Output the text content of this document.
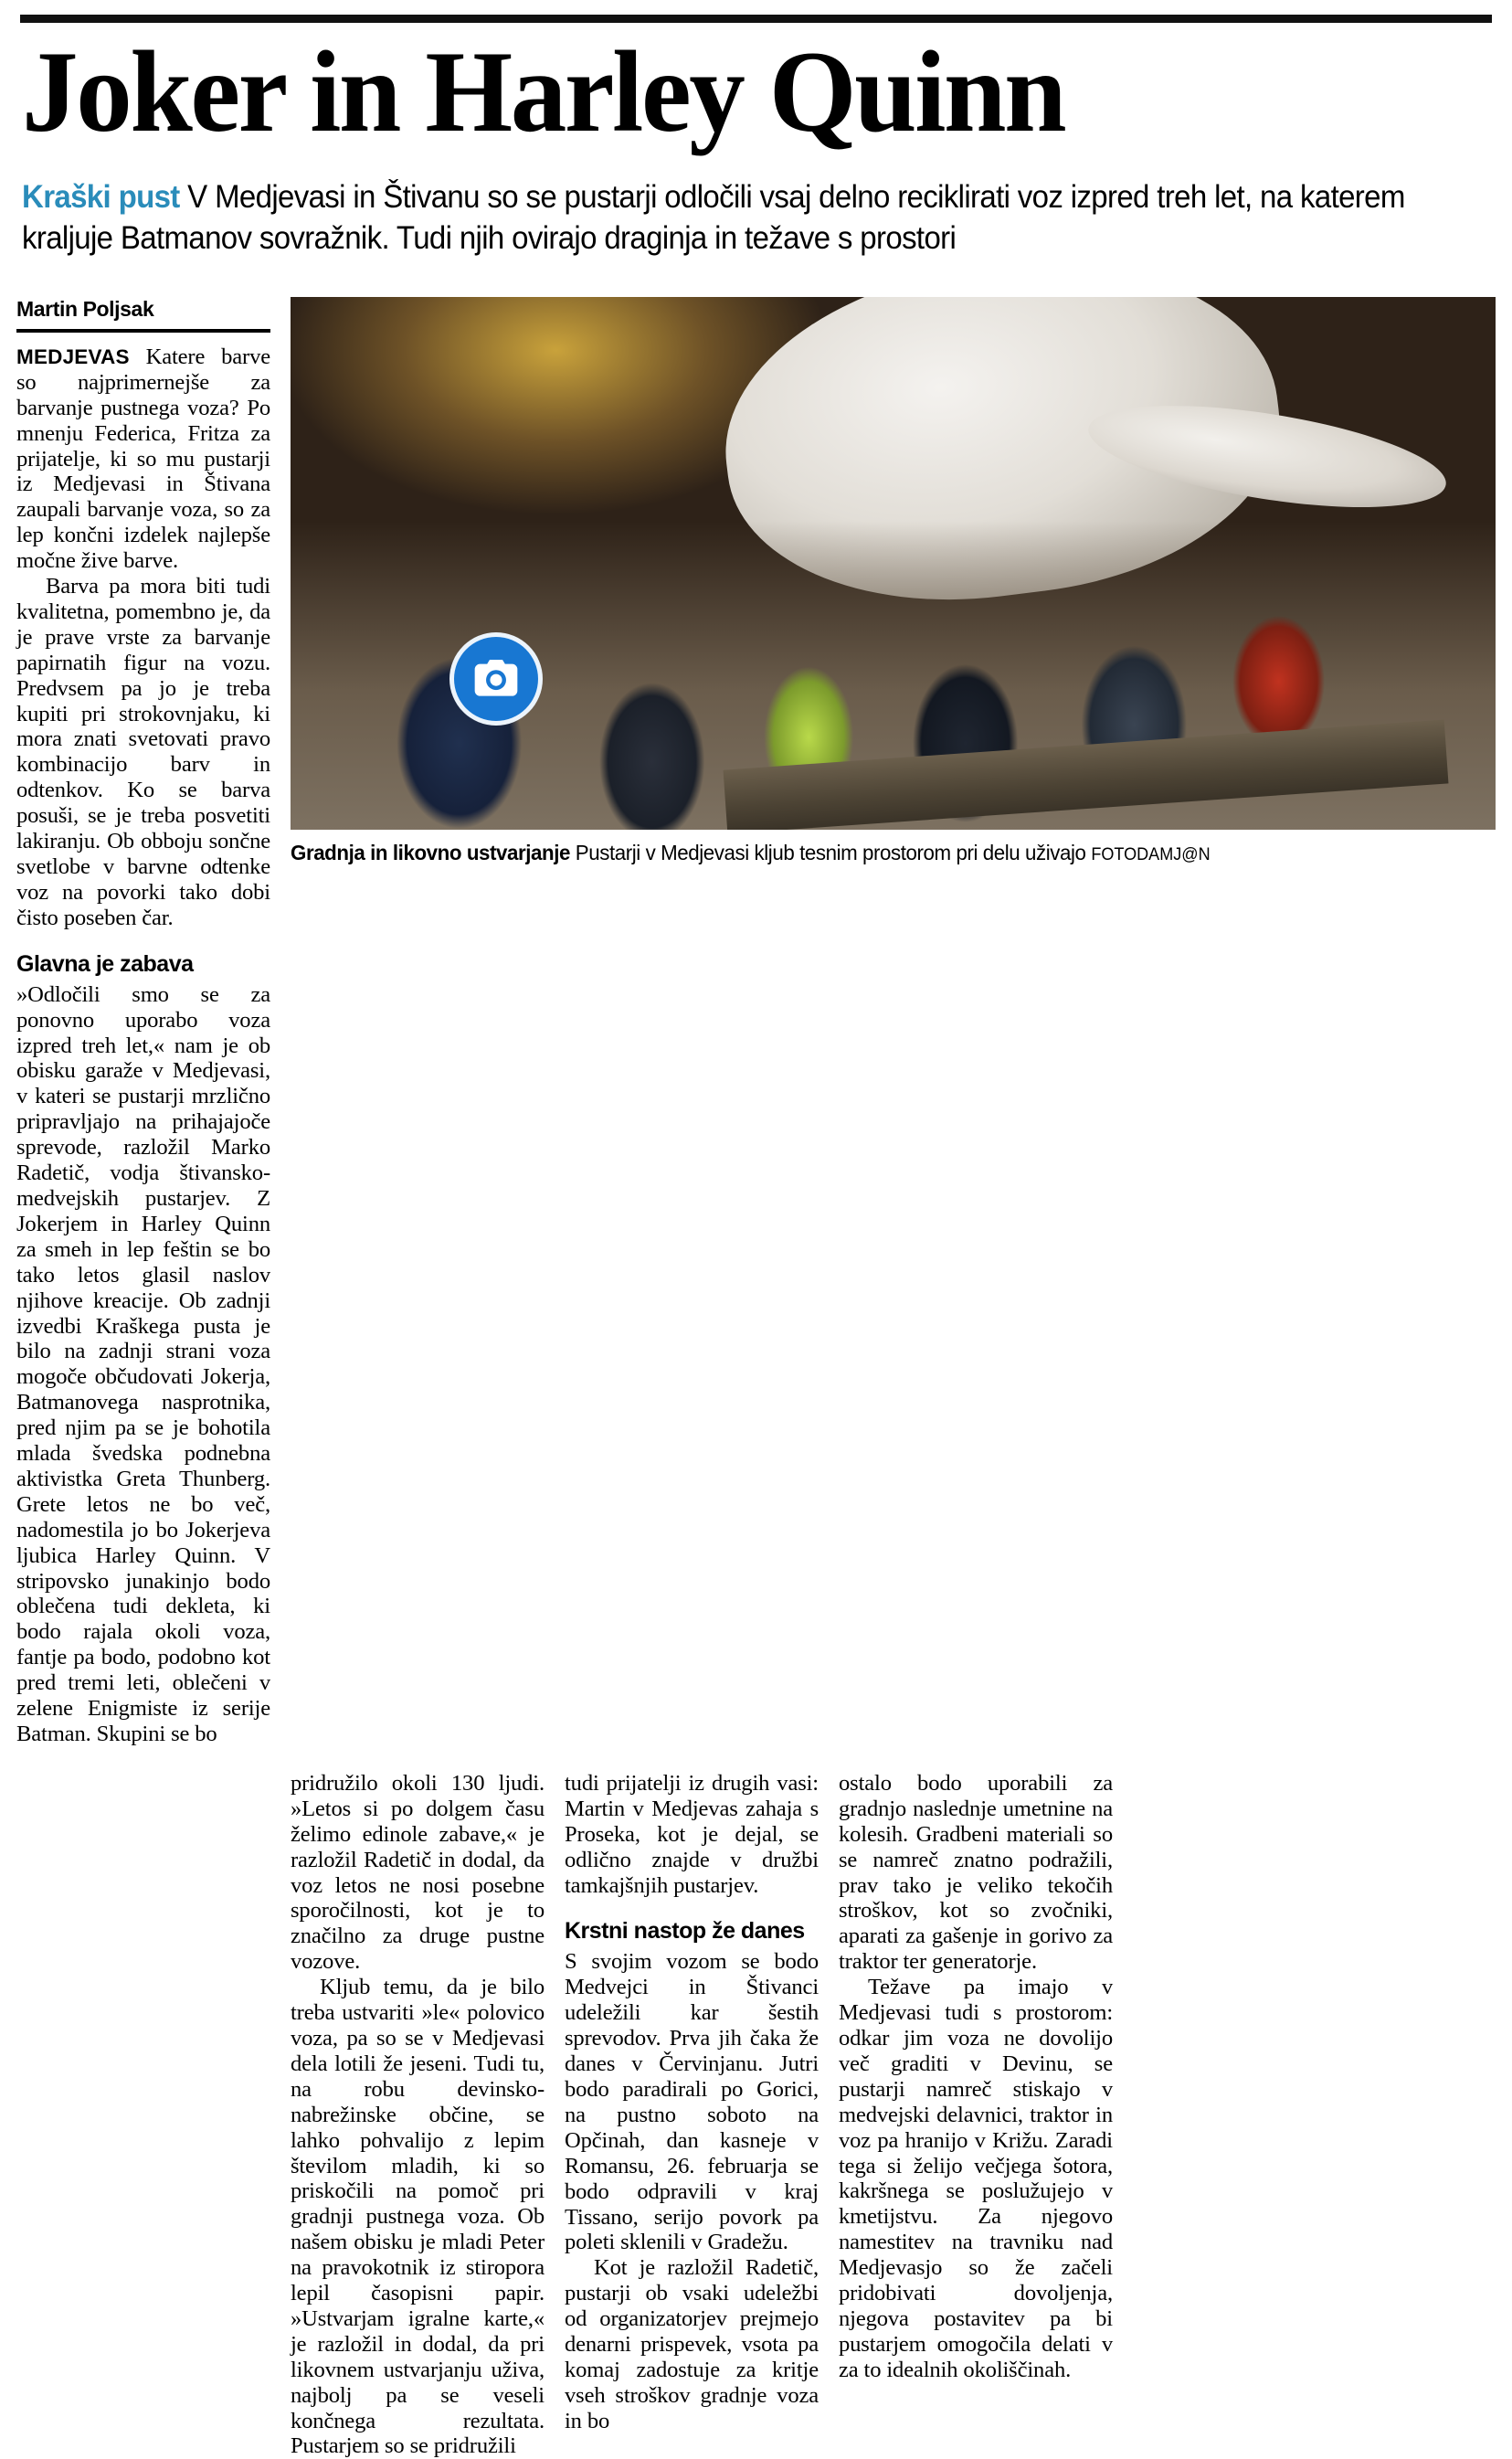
Joker in Harley Quinn
Kraški pust V Medjevasi in Štivanu so se pustarji odločili vsaj delno reciklirati voz izpred treh let, na katerem kraljuje Batmanov sovražnik. Tudi njih ovirajo draginja in težave s prostori
Martin Poljsak

MEDJEVAS Katere barve so najprimernejše za barvanje pustnega voza? Po mnenju Federica, Fritza za prijatelje, ki so mu pustarji iz Medjevasi in Štivana zaupali barvanje voza, so za lep končni izdelek najlepše močne žive barve.

Barva pa mora biti tudi kvalitetna, pomembno je, da je prave vrste za barvanje papirnatih figur na vozu. Predvsem pa jo je treba kupiti pri strokovnjaku, ki mora znati svetovati pravo kombinacijo barv in odtenkov. Ko se barva posuši, se je treba posvetiti lakiranju. Ob obboju sončne svetlobe v barvne odtenke voz na povorki tako dobi čisto poseben čar.

Glavna je zabava

»Odločili smo se za ponovno uporabo voza izpred treh let,« nam je ob obisku garaže v Medjevasi, v kateri se pustarji mrzlično pripravljajo na prihajajoče sprevode, razložil Marko Radetič, vodja štivansko-medvejskih pustarjev. Z Jokerjem in Harley Quinn za smeh in lep feštin se bo tako letos glasil naslov njihove kreacije. Ob zadnji izvedbi Kraškega pusta je bilo na zadnji strani voza mogoče občudovati Jokerja, Batmanovega nasprotnika, pred njim pa se je bohotila mlada švedska podnebna aktivistka Greta Thunberg. Grete letos ne bo več, nadomestila jo bo Jokerjeva ljubica Harley Quinn. V stripovsko junakinjo bodo oblečena tudi dekleta, ki bodo rajala okoli voza, fantje pa bodo, podobno kot pred tremi leti, oblečeni v zelene Enigmiste iz serije Batman. Skupini se bo

Gradnja in likovno ustvarjanje Pustarji v Medjevasi kljub tesnim prostorom pri delu uživajo FOTODAMJ@N

pridružilo okoli 130 ljudi. »Letos si po dolgem času želimo edinole zabave,« je razložil Radetič in dodal, da voz letos ne nosi posebne sporočilnosti, kot je to značilno za druge pustne vozove.

Kljub temu, da je bilo treba ustvariti »le« polovico voza, pa so se v Medjevasi dela lotili že jeseni. Tudi tu, na robu devinsko-nabrežinske občine, se lahko pohvalijo z lepim številom mladih, ki so priskočili na pomoč pri gradnji pustnega voza. Ob našem obisku je mladi Peter na pravokotnik iz stiropora lepil časopisni papir. »Ustvarjam igralne karte,« je razložil in dodal, da pri likovnem ustvarjanju uživa, najbolj pa se veseli končnega rezultata. Pustarjem so se pridružili

tudi prijatelji iz drugih vasi: Martin v Medjevas zahaja s Proseka, kot je dejal, se odlično znajde v družbi tamkajšnjih pustarjev.

Krstni nastop že danes

S svojim vozom se bodo Medvejci in Štivanci udeležili kar šestih sprevodov. Prva jih čaka že danes v Červinjanu. Jutri bodo paradirali po Gorici, na pustno soboto na Opčinah, dan kasneje v Romansu, 26. februarja se bodo odpravili v kraj Tissano, serijo povork pa poleti sklenili v Gradežu.

Kot je razložil Radetič, pustarji ob vsaki udeležbi od organizatorjev prejmejo denarni prispevek, vsota pa komaj zadostuje za kritje vseh stroškov gradnje voza in bo

ostalo bodo uporabili za gradnjo naslednje umetnine na kolesih. Gradbeni materiali so se namreč znatno podražili, prav tako je veliko tekočih stroškov, kot so zvočniki, aparati za gašenje in gorivo za traktor ter generatorje.

Težave pa imajo v Medjevasi tudi s prostorom: odkar jim voza ne dovolijo več graditi v Devinu, se pustarji namreč stiskajo v medvejski delavnici, traktor in voz pa hranijo v Križu. Zaradi tega si želijo večjega šotora, kakršnega se poslužujejo v kmetijstvu. Za njegovo namestitev na travniku nad Medjevasjo so že začeli pridobivati dovoljenja, njegova postavitev pa bi pustarjem omogočila delati v za to idealnih okoliščinah.
